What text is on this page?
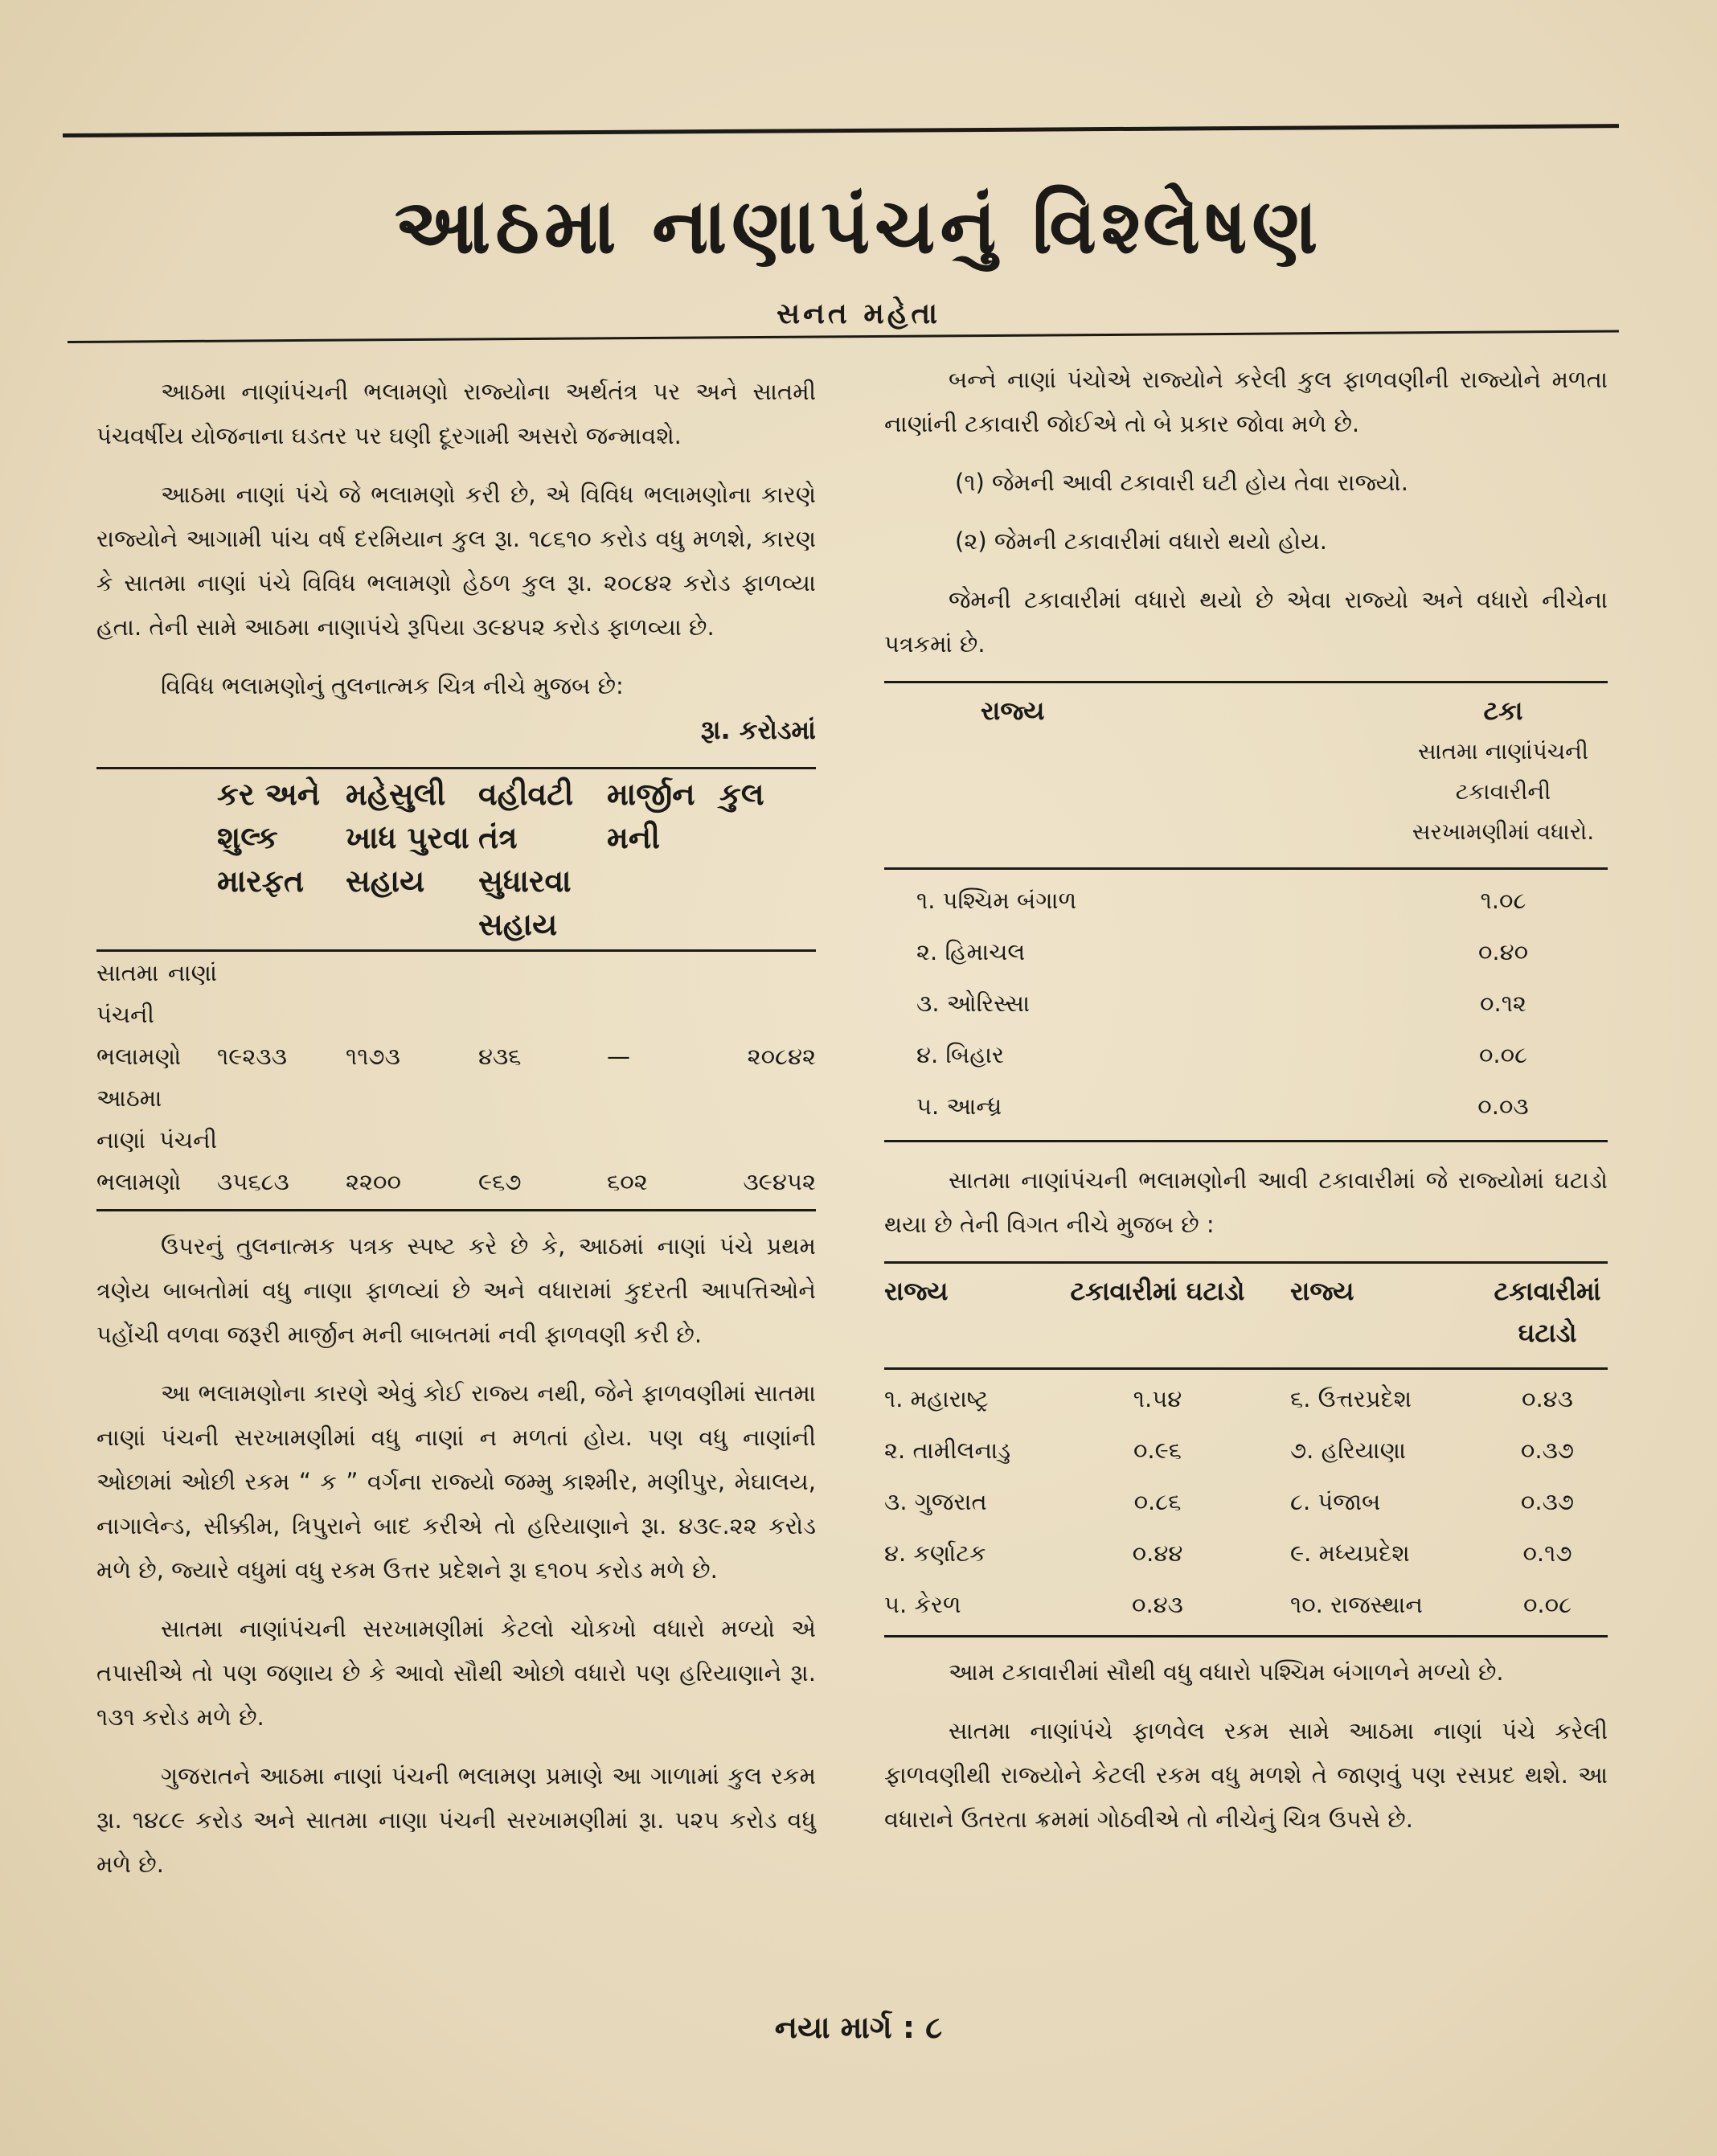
આઠમા નાણાપંચનું વિશ્લેષણ
સનત મહેતા

આઠમા નાણાંપંચની ભલામણો રાજ્યોના અર્થતંત્ર પર અને સાતમી પંચવર્ષીય યોજનાના ઘડતર પર ઘણી દૂરગામી અસરો જન્માવશે.

આઠમા નાણાં પંચે જે ભલામણો કરી છે, એ વિવિધ ભલામણોના કારણે રાજ્યોને આગામી પાંચ વર્ષ દરમિયાન કુલ રૂા. ૧૮૬૧૦ કરોડ વધુ મળશે, કારણ કે સાતમા નાણાં પંચે વિવિધ ભલામણો હેઠળ કુલ રૂા. ૨૦૮૪૨ કરોડ ફાળવ્યા હતા. તેની સામે આઠમા નાણાપંચે રૂપિયા ૩૯૪૫૨ કરોડ ફાળવ્યા છે.

વિવિધ ભલામણોનું તુલનાત્મક ચિત્ર નીચે મુજબ છે:

રૂા. કરોડમાં

	કર અને શુલ્ક મારફત	મહેસુલી ખાધ પુરવા સહાય	વહીવટી તંત્ર સુધારવા સહાય	માર્જીન મની	કુલ

સાતમા નાણાં પંચની ભલામણો	૧૯૨૩૩	૧૧૭૩	૪૩૬	—	૨૦૮૪૨
આઠમા નાણાં પંચની ભલામણો	૩૫૬૮૩	૨૨૦૦	૯૬૭	૬૦૨	૩૯૪૫૨

ઉપરનું તુલનાત્મક પત્રક સ્પષ્ટ કરે છે કે, આઠમાં નાણાં પંચે પ્રથમ ત્રણેય બાબતોમાં વધુ નાણા ફાળવ્યાં છે અને વધારામાં કુદરતી આપત્તિઓને પહોંચી વળવા જરૂરી માર્જીન મની બાબતમાં નવી ફાળવણી કરી છે.

આ ભલામણોના કારણે એવું કોઈ રાજ્ય નથી, જેને ફાળવણીમાં સાતમા નાણાં પંચની સરખામણીમાં વધુ નાણાં ન મળતાં હોય. પણ વધુ નાણાંની ઓછામાં ઓછી રકમ “ ક ” વર્ગના રાજ્યો જમ્મુ કાશ્મીર, મણીપુર, મેઘાલય, નાગાલેન્ડ, સીક્કીમ, ત્રિપુરાને બાદ કરીએ તો હરિયાણાને રૂા. ૪૩૯.૨૨ કરોડ મળે છે, જ્યારે વધુમાં વધુ રકમ ઉત્તર પ્રદેશને રૂા ૬૧૦૫ કરોડ મળે છે.

સાતમા નાણાંપંચની સરખામણીમાં કેટલો ચોકખો વધારો મળ્યો એ તપાસીએ તો પણ જણાય છે કે આવો સૌથી ઓછો વધારો પણ હરિયાણાને રૂા. ૧૩૧ કરોડ મળે છે.

ગુજરાતને આઠમા નાણાં પંચની ભલામણ પ્રમાણે આ ગાળામાં કુલ રકમ રૂા. ૧૪૮૯ કરોડ અને સાતમા નાણા પંચની સરખામણીમાં રૂા. ૫૨૫ કરોડ વધુ મળે છે.

બન્ને નાણાં પંચોએ રાજ્યોને કરેલી કુલ ફાળવણીની રાજ્યોને મળતા નાણાંની ટકાવારી જોઈએ તો બે પ્રકાર જોવા મળે છે.

(૧) જેમની આવી ટકાવારી ઘટી હોય તેવા રાજ્યો.
(૨) જેમની ટકાવારીમાં વધારો થયો હોય.

જેમની ટકાવારીમાં વધારો થયો છે એવા રાજ્યો અને વધારો નીચેના પત્રકમાં છે.

રાજ્ય	ટકા
સાતમા નાણાંપંચની ટકાવારીની સરખામણીમાં વધારો.

૧. પશ્ચિમ બંગાળ	૧.૦૮
૨. હિમાચલ	૦.૪૦
૩. ઓરિસ્સા	૦.૧૨
૪. બિહાર	૦.૦૮
૫. આન્ધ્ર	૦.૦૩

સાતમા નાણાંપંચની ભલામણોની આવી ટકાવારીમાં જે રાજ્યોમાં ઘટાડો થયા છે તેની વિગત નીચે મુજબ છે :

રાજ્ય	ટકાવારીમાં ઘટાડો	રાજ્ય	ટકાવારીમાં ઘટાડો

૧. મહારાષ્ટ્ર	૧.૫૪	૬. ઉત્તરપ્રદેશ	૦.૪૩
૨. તામીલનાડુ	૦.૯૬	૭. હરિયાણા	૦.૩૭
૩. ગુજરાત	૦.૮૬	૮. પંજાબ	૦.૩૭
૪. કર્ણાટક	૦.૪૪	૯. મધ્યપ્રદેશ	૦.૧૭
૫. કેરળ	૦.૪૩	૧૦. રાજસ્થાન	૦.૦૮

આમ ટકાવારીમાં સૌથી વધુ વધારો પશ્ચિમ બંગાળને મળ્યો છે.

સાતમા નાણાંપંચે ફાળવેલ રકમ સામે આઠમા નાણાં પંચે કરેલી ફાળવણીથી રાજ્યોને કેટલી રકમ વધુ મળશે તે જાણવું પણ રસપ્રદ થશે. આ વધારાને ઉતરતા ક્રમમાં ગોઠવીએ તો નીચેનું ચિત્ર ઉપસે છે.

નયા માર્ગ : ૮
